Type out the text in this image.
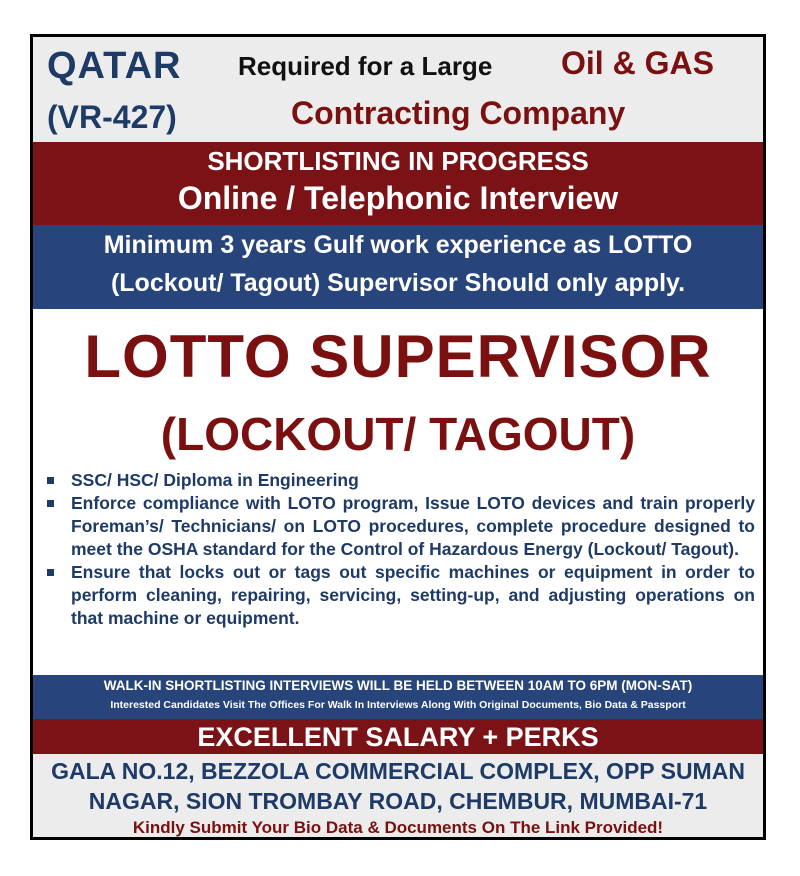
QATAR
(VR-427)
Required for a Large Oil & GAS
Contracting Company
SHORTLISTING IN PROGRESS
Online / Telephonic Interview
Minimum 3 years Gulf work experience as LOTTO
(Lockout/ Tagout) Supervisor Should only apply.
LOTTO SUPERVISOR
(LOCKOUT/ TAGOUT)
SSC/ HSC/ Diploma in Engineering
Enforce compliance with LOTO program, Issue LOTO devices and train properly Foreman’s/ Technicians/ on LOTO procedures, complete procedure designed to meet the OSHA standard for the Control of Hazardous Energy (Lockout/ Tagout).
Ensure that locks out or tags out specific machines or equipment in order to perform cleaning, repairing, servicing, setting-up, and adjusting operations on that machine or equipment.
WALK-IN SHORTLISTING INTERVIEWS WILL BE HELD BETWEEN 10AM TO 6PM (MON-SAT)
Interested Candidates Visit The Offices For Walk In Interviews Along With Original Documents, Bio Data & Passport
EXCELLENT SALARY + PERKS
GALA NO.12, BEZZOLA COMMERCIAL COMPLEX, OPP SUMAN
NAGAR, SION TROMBAY ROAD, CHEMBUR, MUMBAI-71
Kindly Submit Your Bio Data & Documents On The Link Provided!
